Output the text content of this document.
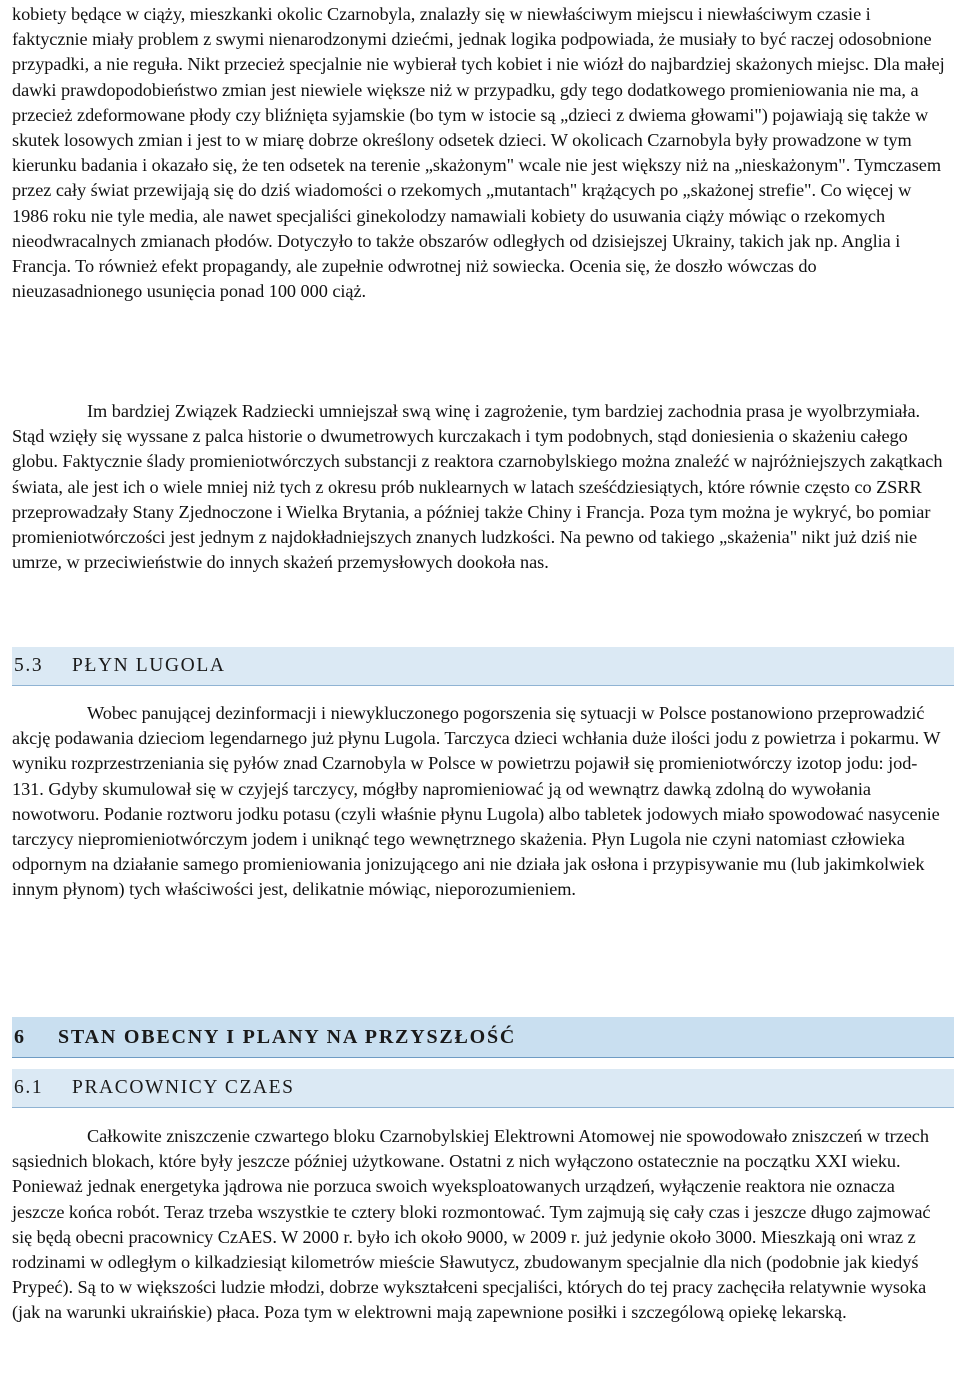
kobiety będące w ciąży, mieszkanki okolic Czarnobyla, znalazły się w niewłaściwym miejscu i niewłaściwym czasie i faktycznie miały problem z swymi nienarodzonymi dziećmi, jednak logika podpowiada, że musiały to być raczej odosobnione przypadki, a nie reguła. Nikt przecież specjalnie nie wybierał tych kobiet i nie wiózł do najbardziej skażonych miejsc. Dla małej dawki prawdopodobieństwo zmian jest niewiele większe niż w przypadku, gdy tego dodatkowego promieniowania nie ma, a przecież zdeformowane płody czy bliźnięta syjamskie (bo tym w istocie są „dzieci z dwiema głowami") pojawiają się także w skutek losowych zmian i jest to w miarę dobrze określony odsetek dzieci. W okolicach Czarnobyla były prowadzone w tym kierunku badania i okazało się, że ten odsetek na terenie „skażonym" wcale nie jest większy niż na „nieskażonym". Tymczasem przez cały świat przewijają się do dziś wiadomości o rzekomych „mutantach" krążących po „skażonej strefie". Co więcej w 1986 roku nie tyle media, ale nawet specjaliści ginekolodzy namawiali kobiety do usuwania ciąży mówiąc o rzekomych nieodwracalnych zmianach płodów. Dotyczyło to także obszarów odległych od dzisiejszej Ukrainy, takich jak np. Anglia i Francja. To również efekt propagandy, ale zupełnie odwrotnej niż sowiecka. Ocenia się, że doszło wówczas do nieuzasadnionego usunięcia ponad 100 000 ciąż.

Im bardziej Związek Radziecki umniejszał swą winę i zagrożenie, tym bardziej zachodnia prasa je wyolbrzymiała. Stąd wzięły się wyssane z palca historie o dwumetrowych kurczakach i tym podobnych, stąd doniesienia o skażeniu całego globu. Faktycznie ślady promieniotwórczych substancji z reaktora czarnobylskiego można znaleźć w najróżniejszych zakątkach świata, ale jest ich o wiele mniej niż tych z okresu prób nuklearnych w latach sześćdziesiątych, które równie często co ZSRR przeprowadzały Stany Zjednoczone i Wielka Brytania, a później także Chiny i Francja. Poza tym można je wykryć, bo pomiar promieniotwórczości jest jednym z najdokładniejszych znanych ludzkości. Na pewno od takiego „skażenia" nikt już dziś nie umrze, w przeciwieństwie do innych skażeń przemysłowych dookoła nas.

5.3	PŁYN LUGOLA

Wobec panującej dezinformacji i niewykluczonego pogorszenia się sytuacji w Polsce postanowiono przeprowadzić akcję podawania dzieciom legendarnego już płynu Lugola. Tarczyca dzieci wchłania duże ilości jodu z powietrza i pokarmu. W wyniku rozprzestrzeniania się pyłów znad Czarnobyla w Polsce w powietrzu pojawił się promieniotwórczy izotop jodu: jod-131. Gdyby skumulował się w czyjejś tarczycy, mógłby napromieniować ją od wewnątrz dawką zdolną do wywołania nowotworu. Podanie roztworu jodku potasu (czyli właśnie płynu Lugola) albo tabletek jodowych miało spowodować nasycenie tarczycy niepromieniotwórczym jodem i uniknąć tego wewnętrznego skażenia. Płyn Lugola nie czyni natomiast człowieka odpornym na działanie samego promieniowania jonizującego ani nie działa jak osłona i przypisywanie mu (lub jakimkolwiek innym płynom) tych właściwości jest, delikatnie mówiąc, nieporozumieniem.

6	STAN OBECNY I PLANY NA PRZYSZŁOŚĆ
6.1	PRACOWNICY CZAES

Całkowite zniszczenie czwartego bloku Czarnobylskiej Elektrowni Atomowej nie spowodowało zniszczeń w trzech sąsiednich blokach, które były jeszcze później użytkowane. Ostatni z nich wyłączono ostatecznie na początku XXI wieku. Ponieważ jednak energetyka jądrowa nie porzuca swoich wyeksploatowanych urządzeń, wyłączenie reaktora nie oznacza jeszcze końca robót. Teraz trzeba wszystkie te cztery bloki rozmontować. Tym zajmują się cały czas i jeszcze długo zajmować się będą obecni pracownicy CzAES. W 2000 r. było ich około 9000, w 2009 r. już jedynie około 3000. Mieszkają oni wraz z rodzinami w odległym o kilkadziesiąt kilometrów mieście Sławutycz, zbudowanym specjalnie dla nich (podobnie jak kiedyś Prypeć). Są to w większości ludzie młodzi, dobrze wykształceni specjaliści, których do tej pracy zachęciła relatywnie wysoka (jak na warunki ukraińskie) płaca. Poza tym w elektrowni mają zapewnione posiłki i szczególową opiekę lekarską.
